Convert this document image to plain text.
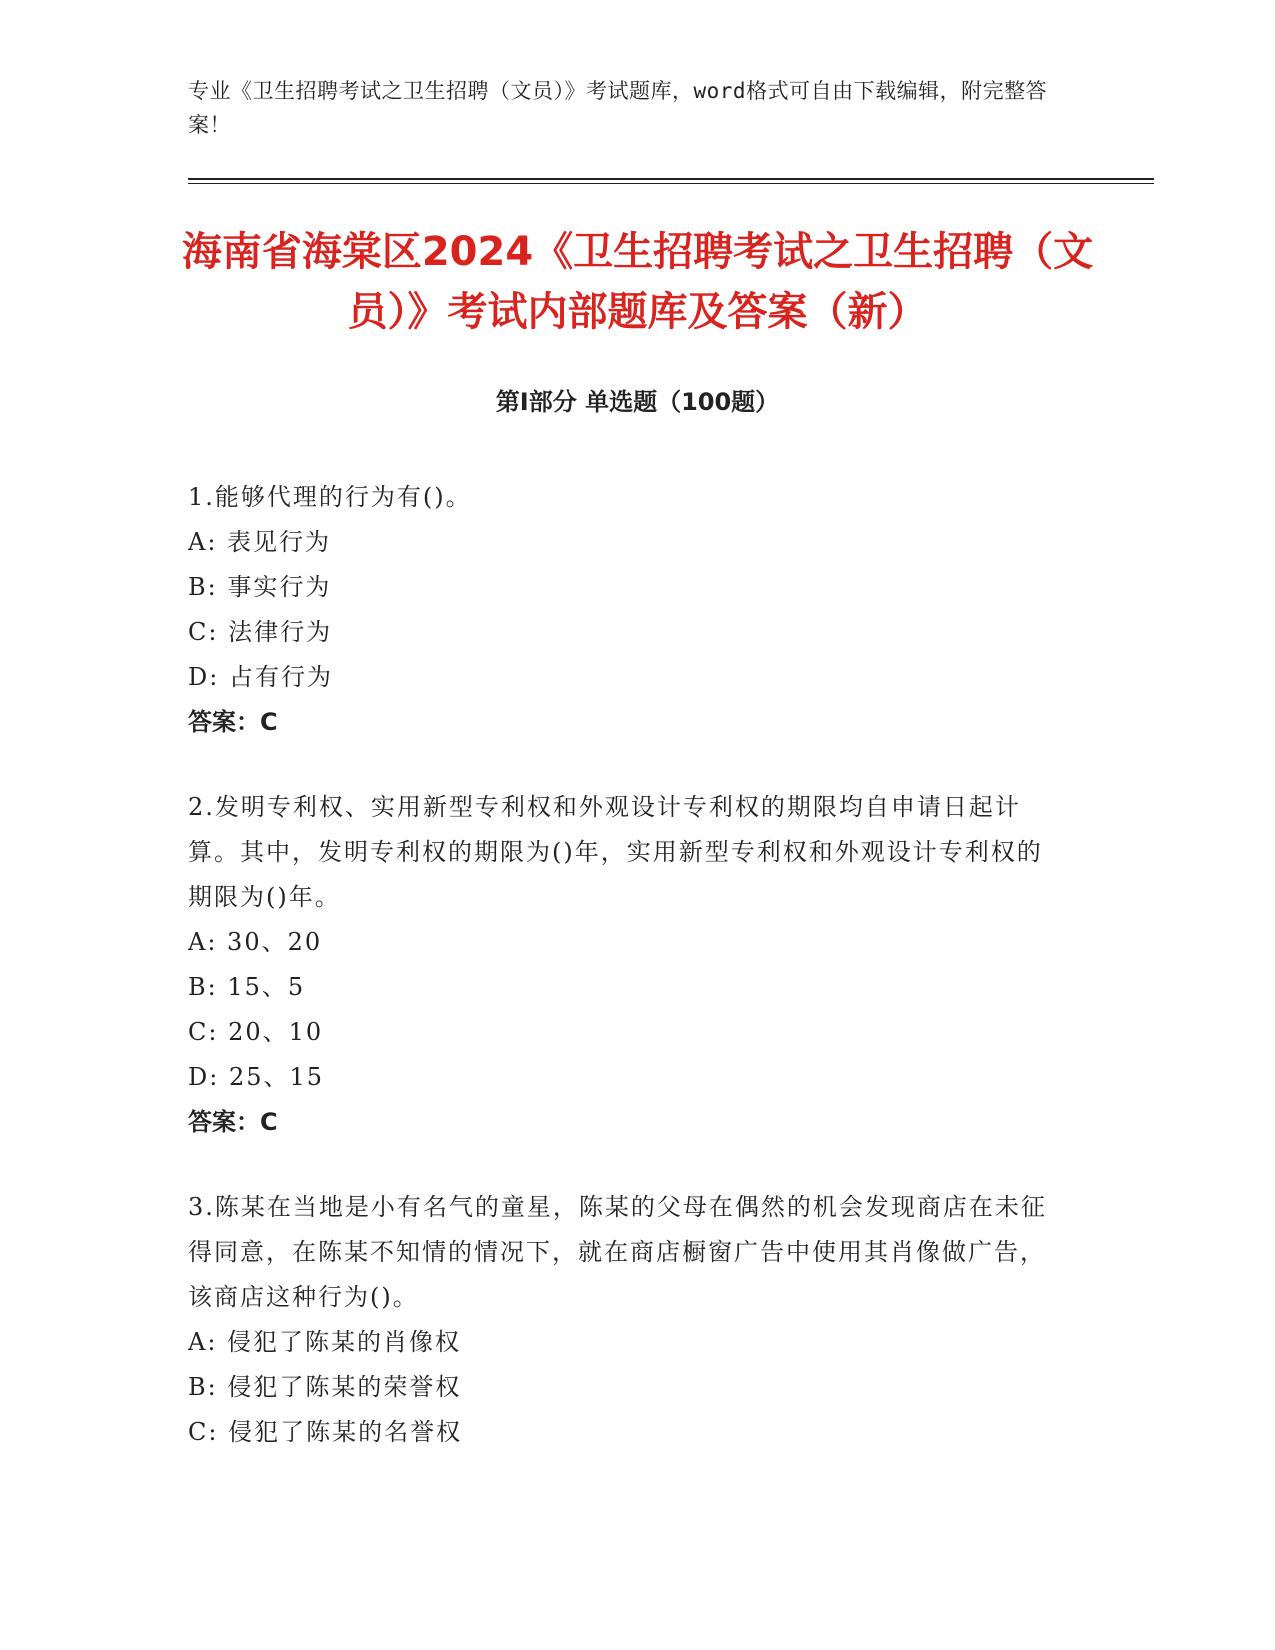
专业《卫生招聘考试之卫生招聘（文员）》考试题库，word格式可自由下载编辑，附完整答案！
海南省海棠区2024《卫生招聘考试之卫生招聘（文员）》考试内部题库及答案（新）
第Ⅰ部分 单选题（100题）
1.能够代理的行为有()。
A: 表见行为
B: 事实行为
C: 法律行为
D: 占有行为
答案：C
2.发明专利权、实用新型专利权和外观设计专利权的期限均自申请日起计算。其中，发明专利权的期限为()年，实用新型专利权和外观设计专利权的期限为()年。
A: 30、20
B: 15、5
C: 20、10
D: 25、15
答案：C
3.陈某在当地是小有名气的童星，陈某的父母在偶然的机会发现商店在未征得同意，在陈某不知情的情况下，就在商店橱窗广告中使用其肖像做广告，该商店这种行为()。
A: 侵犯了陈某的肖像权
B: 侵犯了陈某的荣誉权
C: 侵犯了陈某的名誉权
